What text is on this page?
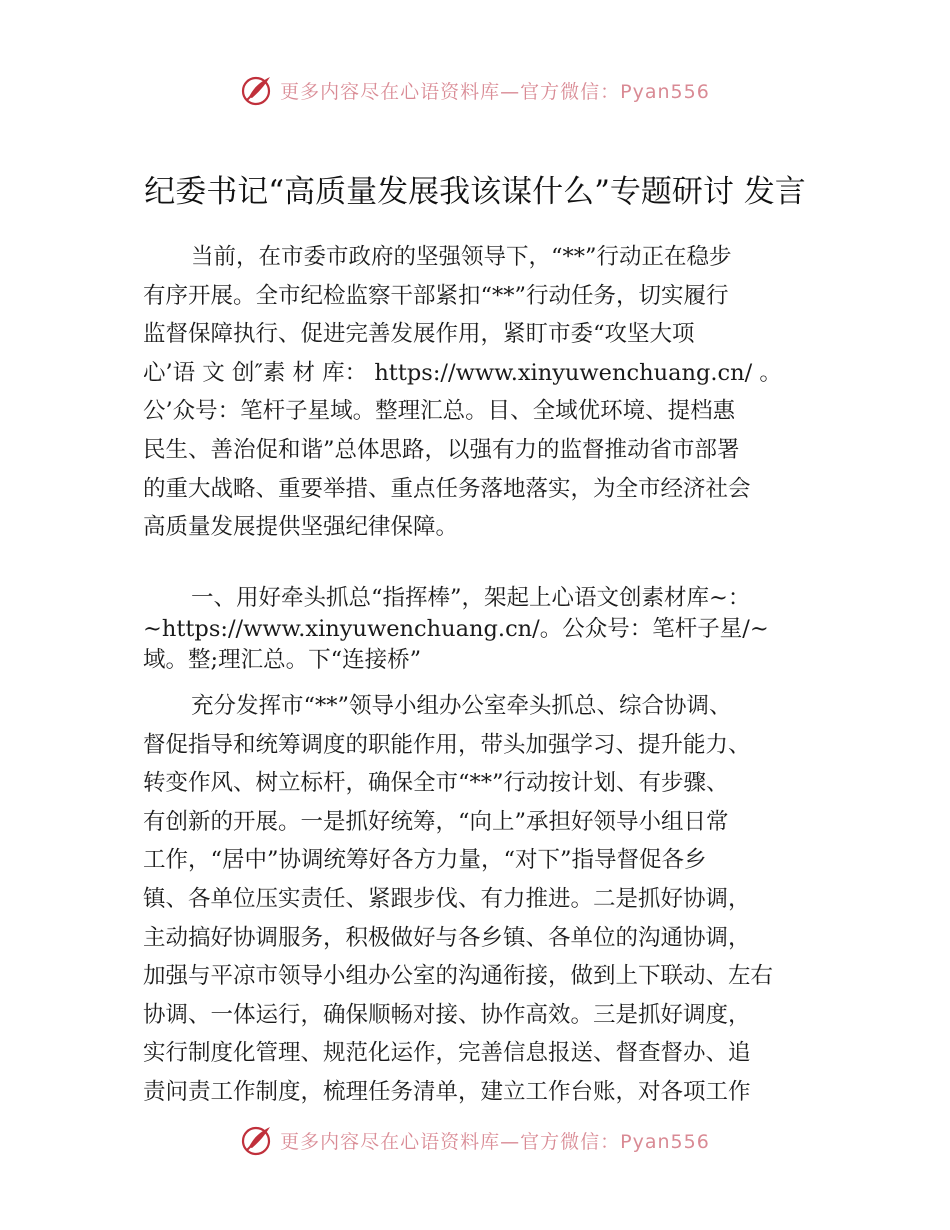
更多内容尽在心语资料库—官方微信：Pyan556
纪委书记“高质量发展我该谋什么”专题研讨 发言

当前，在市委市政府的坚强领导下，“**”行动正在稳步
有序开展。全市纪检监察干部紧扣“**”行动任务，切实履行
监督保障执行、促进完善发展作用，紧盯市委“攻坚大项
心’语 文 创″素 材 库： https://www.xinyuwenchuang.cn/ 。
公’众号：笔杆子星域。整理汇总。目、全域优环境、提档惠
民生、善治促和谐”总体思路，以强有力的监督推动省市部署
的重大战略、重要举措、重点任务落地落实，为全市经济社会
高质量发展提供坚强纪律保障。

一、用好牵头抓总“指挥棒”，架起上心语文创素材库~：
~https://www.xinyuwenchuang.cn/。公众号：笔杆子星/~
域。整;理汇总。下“连接桥”

充分发挥市“**”领导小组办公室牵头抓总、综合协调、
督促指导和统筹调度的职能作用，带头加强学习、提升能力、
转变作风、树立标杆，确保全市“**”行动按计划、有步骤、
有创新的开展。一是抓好统筹，“向上”承担好领导小组日常
工作，“居中”协调统筹好各方力量，“对下”指导督促各乡
镇、各单位压实责任、紧跟步伐、有力推进。二是抓好协调，
主动搞好协调服务，积极做好与各乡镇、各单位的沟通协调，
加强与平凉市领导小组办公室的沟通衔接，做到上下联动、左右
协调、一体运行，确保顺畅对接、协作高效。三是抓好调度，
实行制度化管理、规范化运作，完善信息报送、督查督办、追
责问责工作制度，梳理任务清单，建立工作台账，对各项工作

更多内容尽在心语资料库—官方微信：Pyan556
